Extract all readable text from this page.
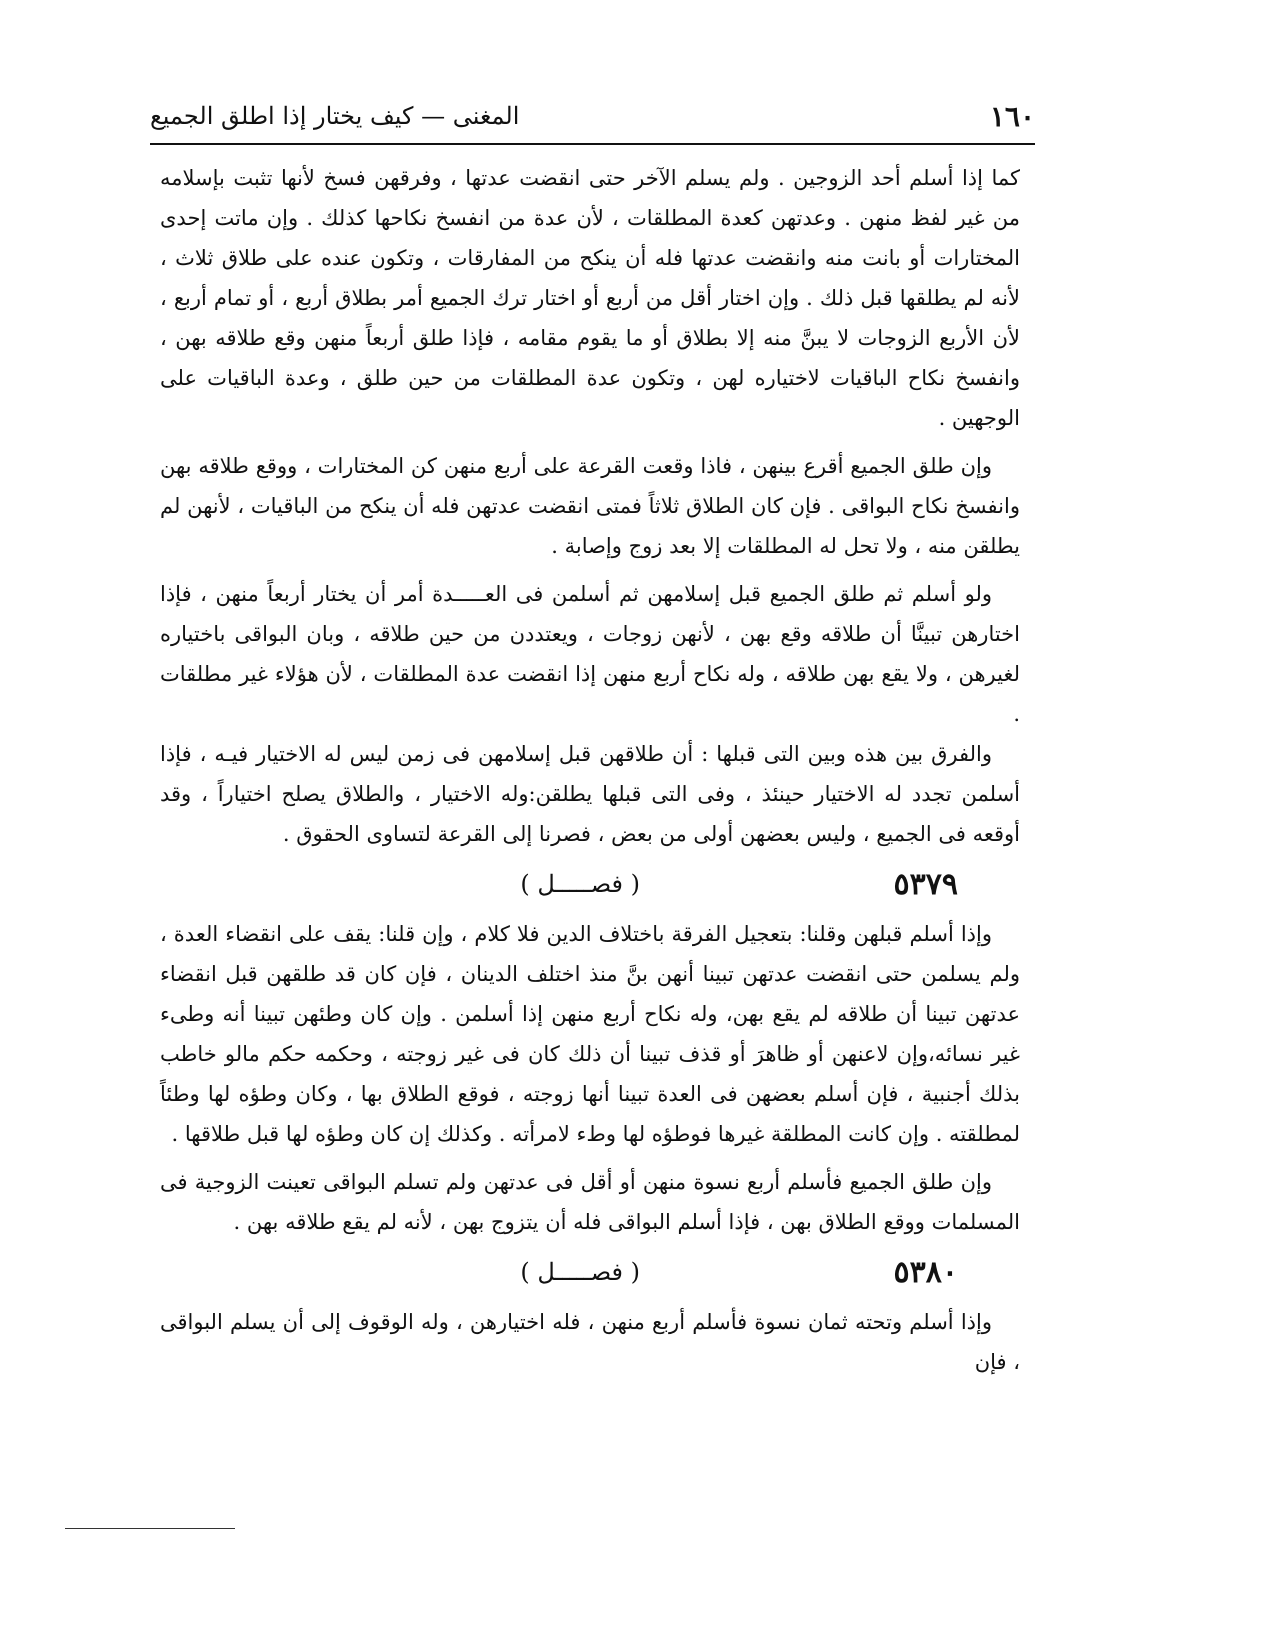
١٦٠
المغنى — كيف يختار إذا اطلق الجميع

كما إذا أسلم أحد الزوجين . ولم يسلم الآخر حتى انقضت عدتها ، وفرقهن فسخ لأنها تثبت بإسلامه من غير لفظ منهن . وعدتهن كعدة المطلقات ، لأن عدة من انفسخ نكاحها كذلك . وإن ماتت إحدى المختارات أو بانت منه وانقضت عدتها فله أن ينكح من المفارقات ، وتكون عنده على طلاق ثلاث ، لأنه لم يطلقها قبل ذلك . وإن اختار أقل من أربع أو اختار ترك الجميع أمر بطلاق أربع ، أو تمام أربع ، لأن الأربع الزوجات لا يبنَّ منه إلا بطلاق أو ما يقوم مقامه ، فإذا طلق أربعاً منهن وقع طلاقه بهن ، وانفسخ نكاح الباقيات لاختياره لهن ، وتكون عدة المطلقات من حين طلق ، وعدة الباقيات على الوجهين .

وإن طلق الجميع أقرع بينهن ، فاذا وقعت القرعة على أربع منهن كن المختارات ، ووقع طلاقه بهن وانفسخ نكاح البواقى . فإن كان الطلاق ثلاثاً فمتى انقضت عدتهن فله أن ينكح من الباقيات ، لأنهن لم يطلقن منه ، ولا تحل له المطلقات إلا بعد زوج وإصابة .

ولو أسلم ثم طلق الجميع قبل إسلامهن ثم أسلمن فى العـــــدة أمر أن يختار أربعاً منهن ، فإذا اختارهن تبينَّا أن طلاقه وقع بهن ، لأنهن زوجات ، ويعتددن من حين طلاقه ، وبان البواقى باختياره لغيرهن ، ولا يقع بهن طلاقه ، وله نكاح أربع منهن إذا انقضت عدة المطلقات ، لأن هؤلاء غير مطلقات .

والفرق بين هذه وبين التى قبلها : أن طلاقهن قبل إسلامهن فى زمن ليس له الاختيار فيـه ، فإذا أسلمن تجدد له الاختيار حينئذ ، وفى التى قبلها يطلقن:وله الاختيار ، والطلاق يصلح اختياراً ، وقد أوقعه فى الجميع ، وليس بعضهن أولى من بعض ، فصرنا إلى القرعة لتساوى الحقوق .

٥٣٧٩
( فصـــــل )

وإذا أسلم قبلهن وقلنا: بتعجيل الفرقة باختلاف الدين فلا كلام ، وإن قلنا: يقف على انقضاء العدة ، ولم يسلمن حتى انقضت عدتهن تبينا أنهن بنَّ منذ اختلف الدينان ، فإن كان قد طلقهن قبل انقضاء عدتهن تبينا أن طلاقه لم يقع بهن، وله نكاح أربع منهن إذا أسلمن . وإن كان وطئهن تبينا أنه وطىء غير نسائه،وإن لاعنهن أو ظاهرَ أو قذف تبينا أن ذلك كان فى غير زوجته ، وحكمه حكم مالو خاطب بذلك أجنبية ، فإن أسلم بعضهن فى العدة تبينا أنها زوجته ، فوقع الطلاق بها ، وكان وطؤه لها وطئاً لمطلقته . وإن كانت المطلقة غيرها فوطؤه لها وطء لامرأته . وكذلك إن كان وطؤه لها قبل طلاقها .

وإن طلق الجميع فأسلم أربع نسوة منهن أو أقل فى عدتهن ولم تسلم البواقى تعينت الزوجية فى المسلمات ووقع الطلاق بهن ، فإذا أسلم البواقى فله أن يتزوج بهن ، لأنه لم يقع طلاقه بهن .

٥٣٨٠
( فصـــــل )

وإذا أسلم وتحته ثمان نسوة فأسلم أربع منهن ، فله اختيارهن ، وله الوقوف إلى أن يسلم البواقى ، فإن
